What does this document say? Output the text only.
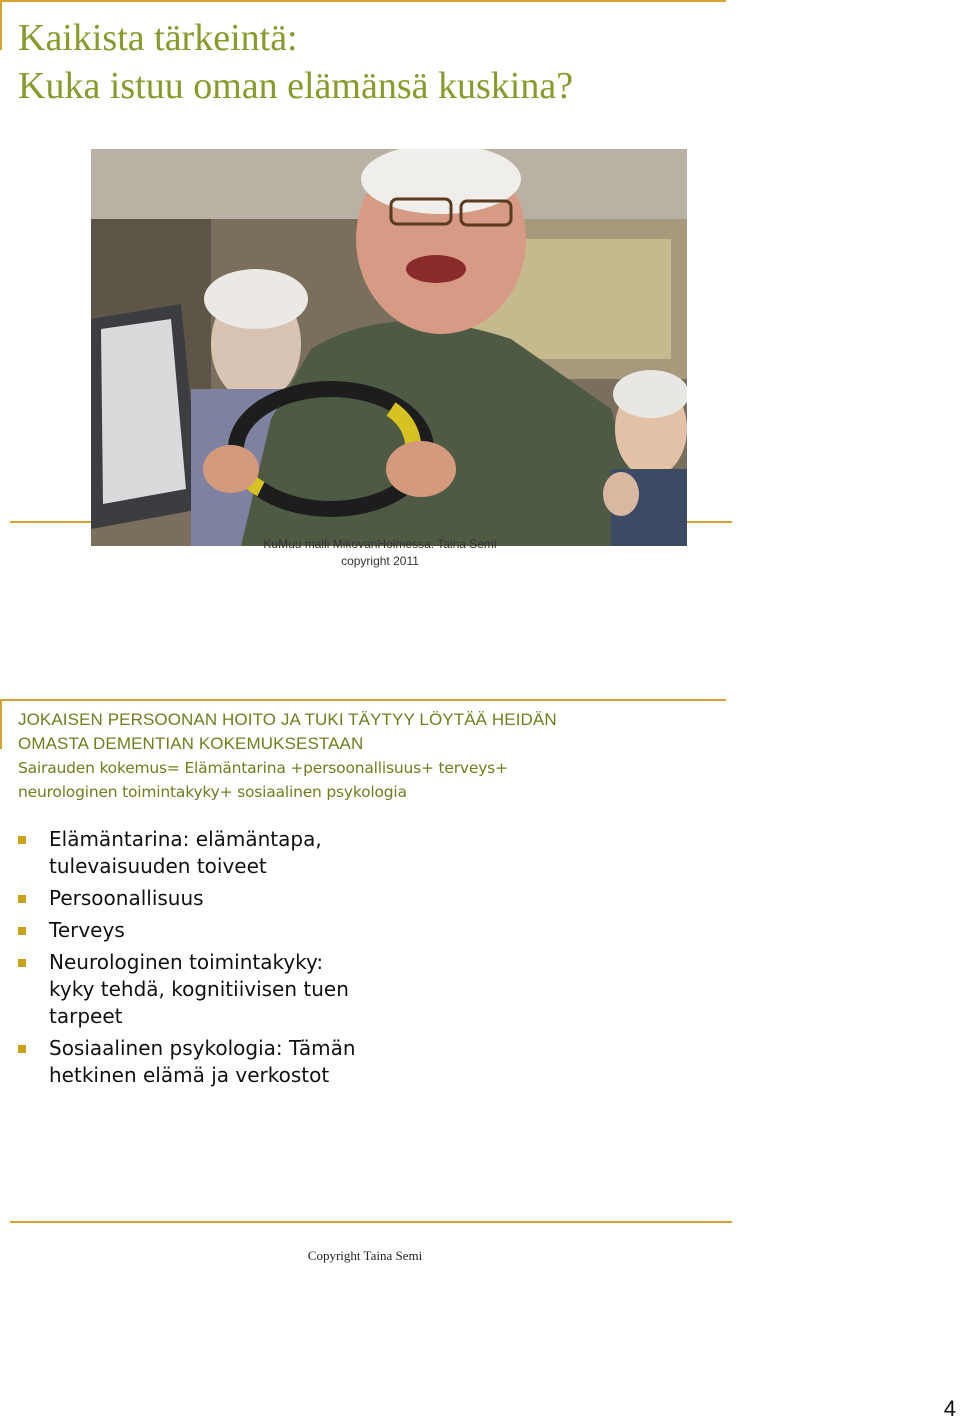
Kaikista tärkeintä:
Kuka istuu oman elämänsä kuskina?
KuMuu malli MikovanHolmessa. Taina Semi
copyright 2011
JOKAISEN PERSOONAN HOITO JA TUKI TÄYTYY LÖYTÄÄ HEIDÄN
OMASTA DEMENTIAN KOKEMUKSESTAAN
Sairauden kokemus= Elämäntarina +persoonallisuus+ terveys+
neurologinen toimintakyky+ sosiaalinen psykologia
Elämäntarina: elämäntapa,
tulevaisuuden toiveet
Persoonallisuus
Terveys
Neurologinen toimintakyky:
kyky tehdä, kognitiivisen tuen
tarpeet
Sosiaalinen psykologia: Tämän
hetkinen elämä ja verkostot
Copyright Taina Semi
4
